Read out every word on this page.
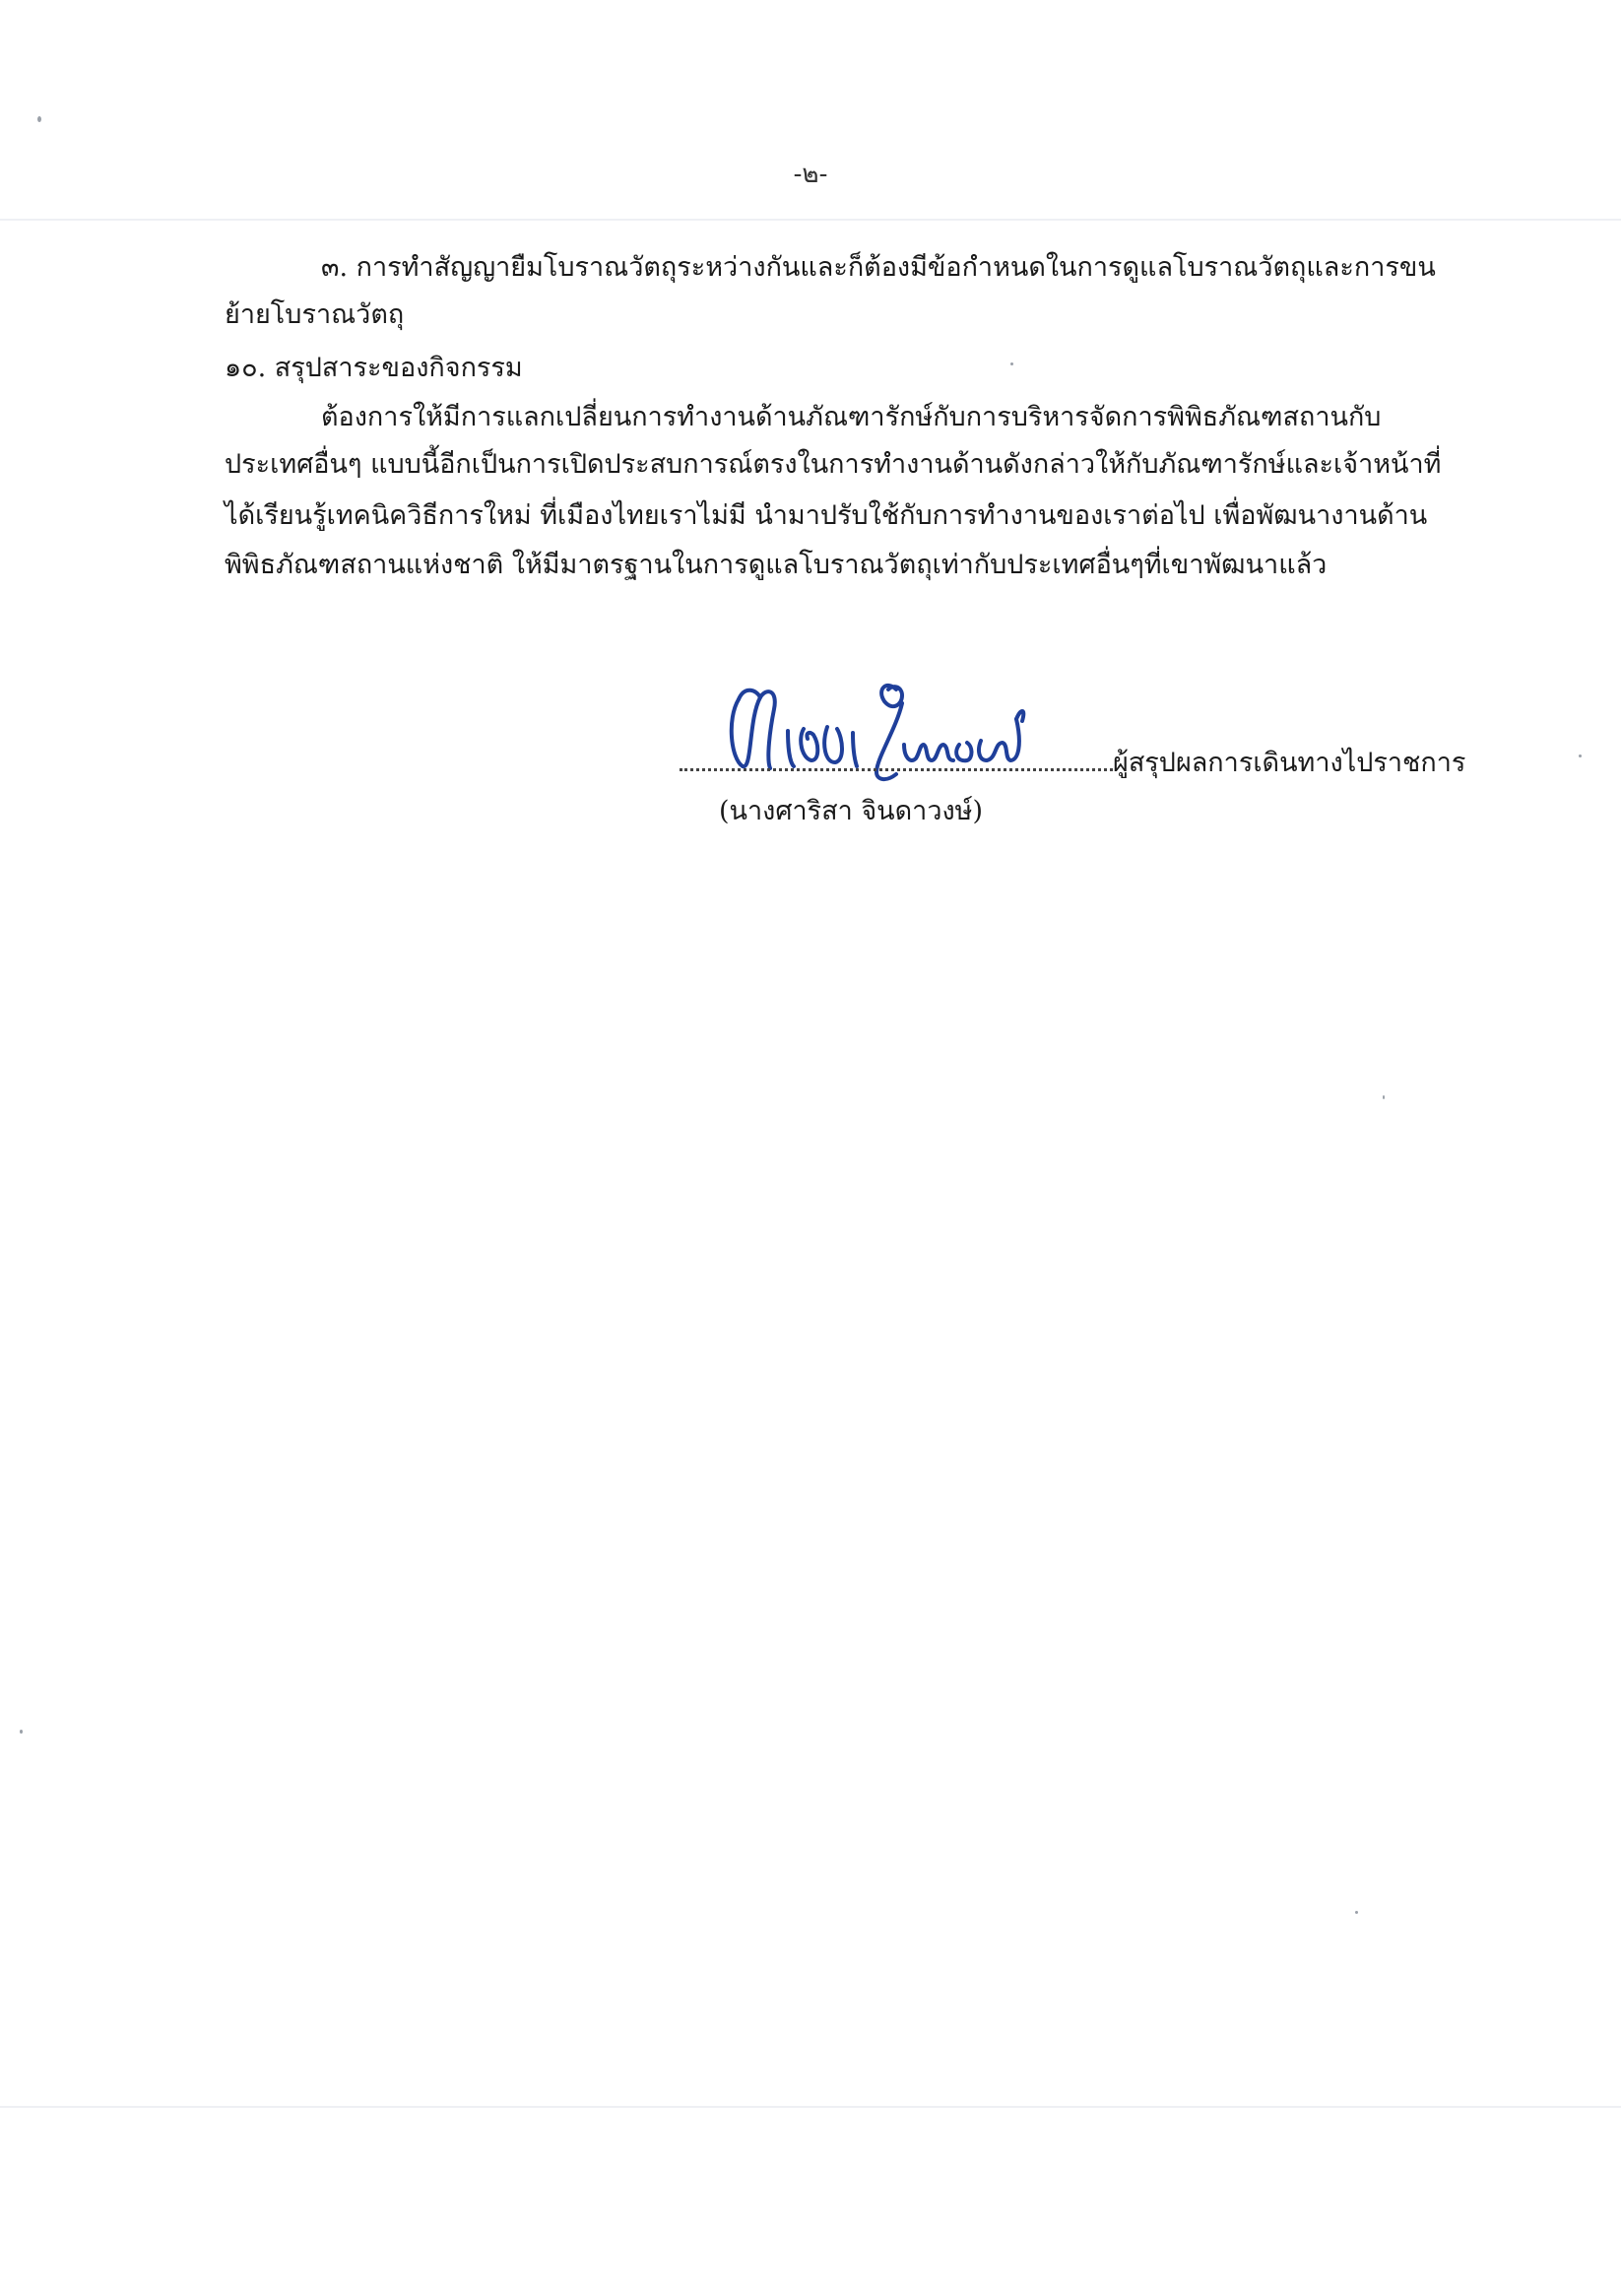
-๒-
๓. การทำสัญญายืมโบราณวัตถุระหว่างกันและก็ต้องมีข้อกำหนดในการดูแลโบราณวัตถุและการขน
ย้ายโบราณวัตถุ
๑๐. สรุปสาระของกิจกรรม
ต้องการให้มีการแลกเปลี่ยนการทำงานด้านภัณฑารักษ์กับการบริหารจัดการพิพิธภัณฑสถานกับ
ประเทศอื่นๆ แบบนี้อีกเป็นการเปิดประสบการณ์ตรงในการทำงานด้านดังกล่าวให้กับภัณฑารักษ์และเจ้าหน้าที่
ได้เรียนรู้เทคนิควิธีการใหม่ ที่เมืองไทยเราไม่มี นำมาปรับใช้กับการทำงานของเราต่อไป เพื่อพัฒนางานด้าน
พิพิธภัณฑสถานแห่งชาติ ให้มีมาตรฐานในการดูแลโบราณวัตถุเท่ากับประเทศอื่นๆที่เขาพัฒนาแล้ว
ผู้สรุปผลการเดินทางไปราชการ
(นางศาริสา จินดาวงษ์)
